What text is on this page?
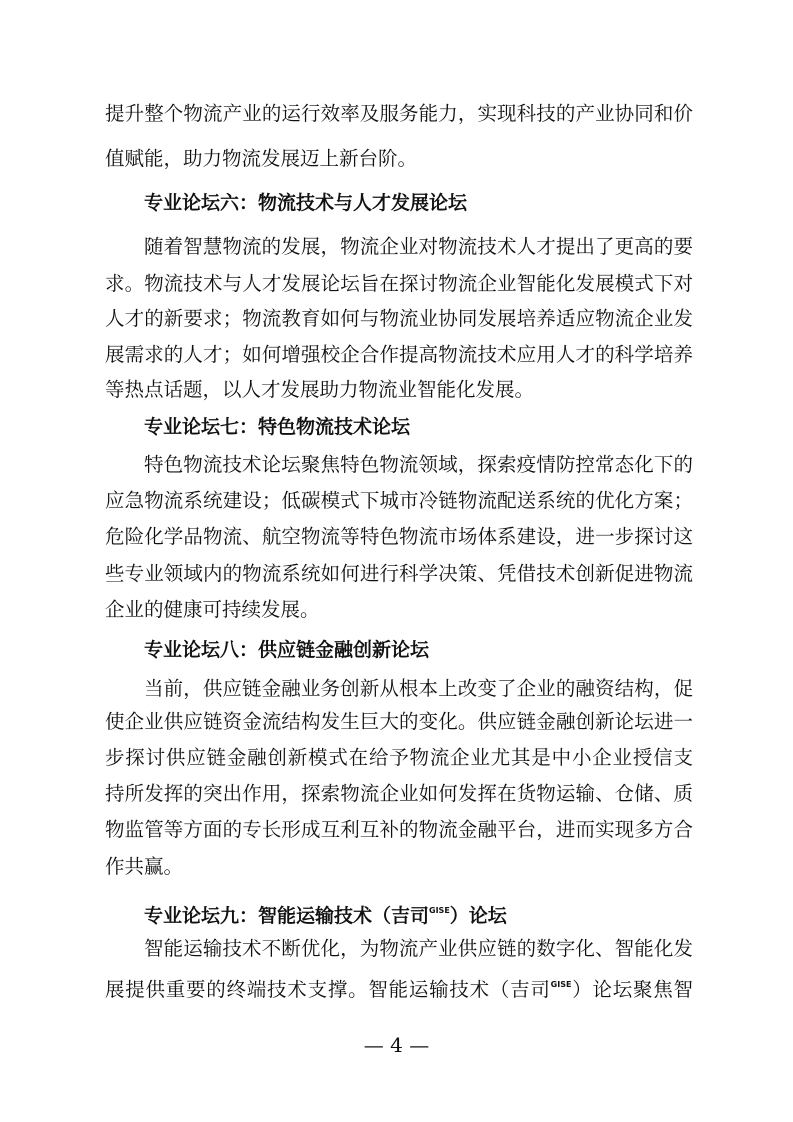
提升整个物流产业的运行效率及服务能力，实现科技的产业协同和价
值赋能，助力物流发展迈上新台阶。
专业论坛六：物流技术与人才发展论坛
随着智慧物流的发展，物流企业对物流技术人才提出了更高的要
求。物流技术与人才发展论坛旨在探讨物流企业智能化发展模式下对
人才的新要求；物流教育如何与物流业协同发展培养适应物流企业发
展需求的人才；如何增强校企合作提高物流技术应用人才的科学培养
等热点话题，以人才发展助力物流业智能化发展。
专业论坛七：特色物流技术论坛
特色物流技术论坛聚焦特色物流领域，探索疫情防控常态化下的
应急物流系统建设；低碳模式下城市冷链物流配送系统的优化方案；
危险化学品物流、航空物流等特色物流市场体系建设，进一步探讨这
些专业领域内的物流系统如何进行科学决策、凭借技术创新促进物流
企业的健康可持续发展。
专业论坛八：供应链金融创新论坛
当前，供应链金融业务创新从根本上改变了企业的融资结构，促
使企业供应链资金流结构发生巨大的变化。供应链金融创新论坛进一
步探讨供应链金融创新模式在给予物流企业尤其是中小企业授信支
持所发挥的突出作用，探索物流企业如何发挥在货物运输、仓储、质
物监管等方面的专长形成互利互补的物流金融平台，进而实现多方合
作共赢。
专业论坛九：智能运输技术（吉司$^{GISE}$）论坛
智能运输技术不断优化，为物流产业供应链的数字化、智能化发
展提供重要的终端技术支撑。智能运输技术（吉司$^{GISE}$）论坛聚焦智
— 4 —
